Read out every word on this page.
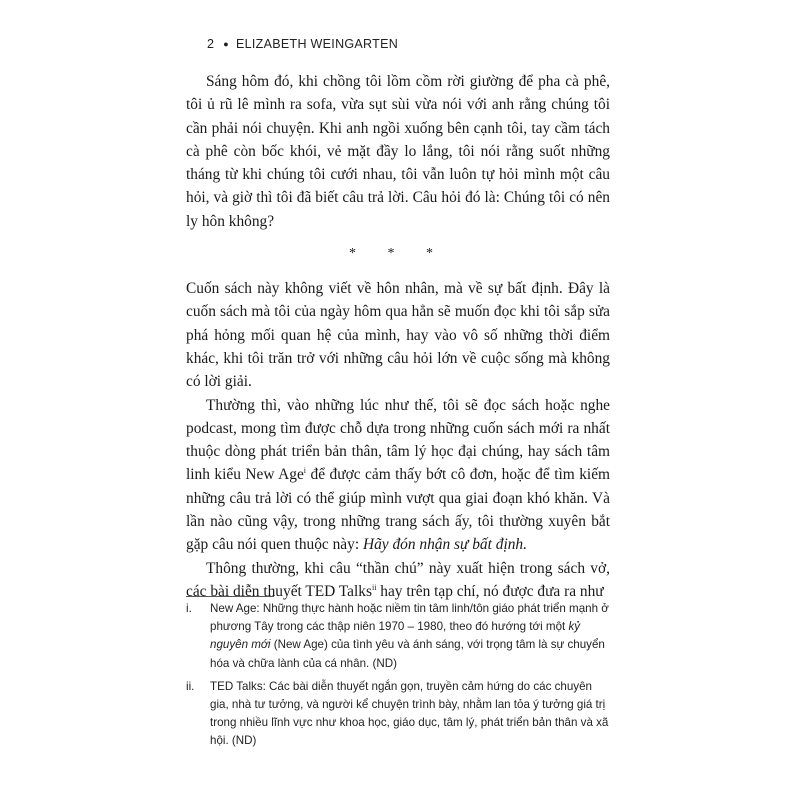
2 ● ELIZABETH WEINGARTEN

Sáng hôm đó, khi chồng tôi lồm cồm rời giường để pha cà phê, tôi ủ rũ lê mình ra sofa, vừa sụt sùi vừa nói với anh rằng chúng tôi cần phải nói chuyện. Khi anh ngồi xuống bên cạnh tôi, tay cầm tách cà phê còn bốc khói, vẻ mặt đầy lo lắng, tôi nói rằng suốt những tháng từ khi chúng tôi cưới nhau, tôi vẫn luôn tự hỏi mình một câu hỏi, và giờ thì tôi đã biết câu trả lời. Câu hỏi đó là: Chúng tôi có nên ly hôn không?

* * *

Cuốn sách này không viết về hôn nhân, mà về sự bất định. Đây là cuốn sách mà tôi của ngày hôm qua hẳn sẽ muốn đọc khi tôi sắp sửa phá hỏng mối quan hệ của mình, hay vào vô số những thời điểm khác, khi tôi trăn trở với những câu hỏi lớn về cuộc sống mà không có lời giải.

Thường thì, vào những lúc như thế, tôi sẽ đọc sách hoặc nghe podcast, mong tìm được chỗ dựa trong những cuốn sách mới ra nhất thuộc dòng phát triển bản thân, tâm lý học đại chúng, hay sách tâm linh kiểu New Age$^i$ để được cảm thấy bớt cô đơn, hoặc để tìm kiếm những câu trả lời có thể giúp mình vượt qua giai đoạn khó khăn. Và lần nào cũng vậy, trong những trang sách ấy, tôi thường xuyên bắt gặp câu nói quen thuộc này: Hãy đón nhận sự bất định.

Thông thường, khi câu “thần chú” này xuất hiện trong sách vở, các bài diễn thuyết TED Talks$^{ii}$ hay trên tạp chí, nó được đưa ra như

i. New Age: Những thực hành hoặc niềm tin tâm linh/tôn giáo phát triển mạnh ở phương Tây trong các thập niên 1970 – 1980, theo đó hướng tới một kỷ nguyên mới (New Age) của tình yêu và ánh sáng, với trọng tâm là sự chuyển hóa và chữa lành của cá nhân. (ND)
ii. TED Talks: Các bài diễn thuyết ngắn gọn, truyền cảm hứng do các chuyên gia, nhà tư tưởng, và người kể chuyện trình bày, nhằm lan tỏa ý tưởng giá trị trong nhiều lĩnh vực như khoa học, giáo dục, tâm lý, phát triển bản thân và xã hội. (ND)
